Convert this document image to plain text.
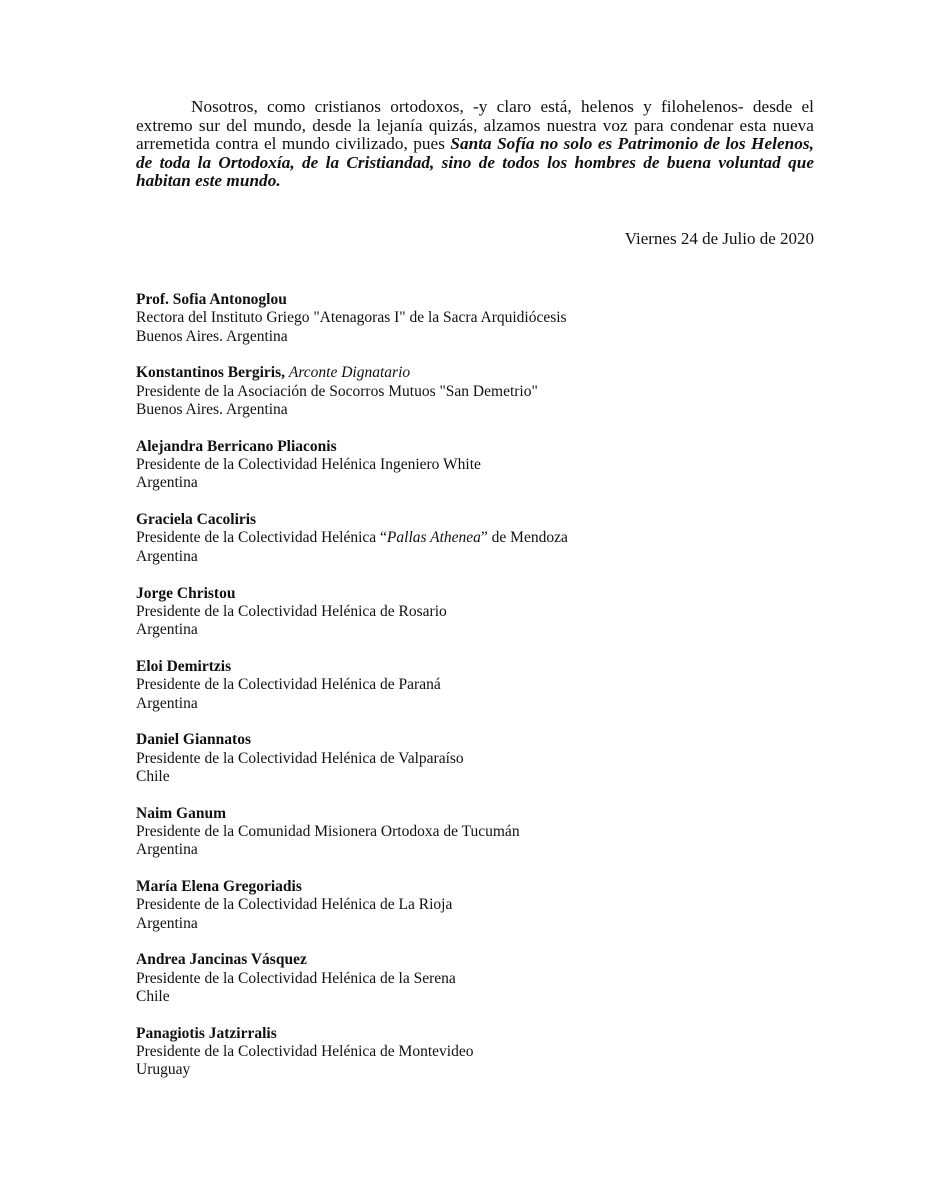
Nosotros, como cristianos ortodoxos, -y claro está, helenos y filohelenos- desde el extremo sur del mundo, desde la lejanía quizás, alzamos nuestra voz para condenar esta nueva arremetida contra el mundo civilizado, pues Santa Sofía no solo es Patrimonio de los Helenos, de toda la Ortodoxía, de la Cristiandad, sino de todos los hombres de buena voluntad que habitan este mundo.

Viernes 24 de Julio de 2020
Prof. Sofia Antonoglou
Rectora del Instituto Griego "Atenagoras I" de la Sacra Arquidiócesis
Buenos Aires. Argentina
Konstantinos Bergiris, Arconte Dignatario
Presidente de la Asociación de Socorros Mutuos "San Demetrio"
Buenos Aires. Argentina
Alejandra Berricano Pliaconis
Presidente de la Colectividad Helénica Ingeniero White
Argentina
Graciela Cacoliris
Presidente de la Colectividad Helénica “Pallas Athenea” de Mendoza
Argentina
Jorge Christou
Presidente de la Colectividad Helénica de Rosario
Argentina
Eloi Demirtzis
Presidente de la Colectividad Helénica de Paraná
Argentina
Daniel Giannatos
Presidente de la Colectividad Helénica de Valparaíso
Chile
Naim Ganum
Presidente de la Comunidad Misionera Ortodoxa de Tucumán
Argentina
María Elena Gregoriadis
Presidente de la Colectividad Helénica de La Rioja
Argentina
Andrea Jancinas Vásquez
Presidente de la Colectividad Helénica de la Serena
Chile
Panagiotis Jatzirralis
Presidente de la Colectividad Helénica de Montevideo
Uruguay
